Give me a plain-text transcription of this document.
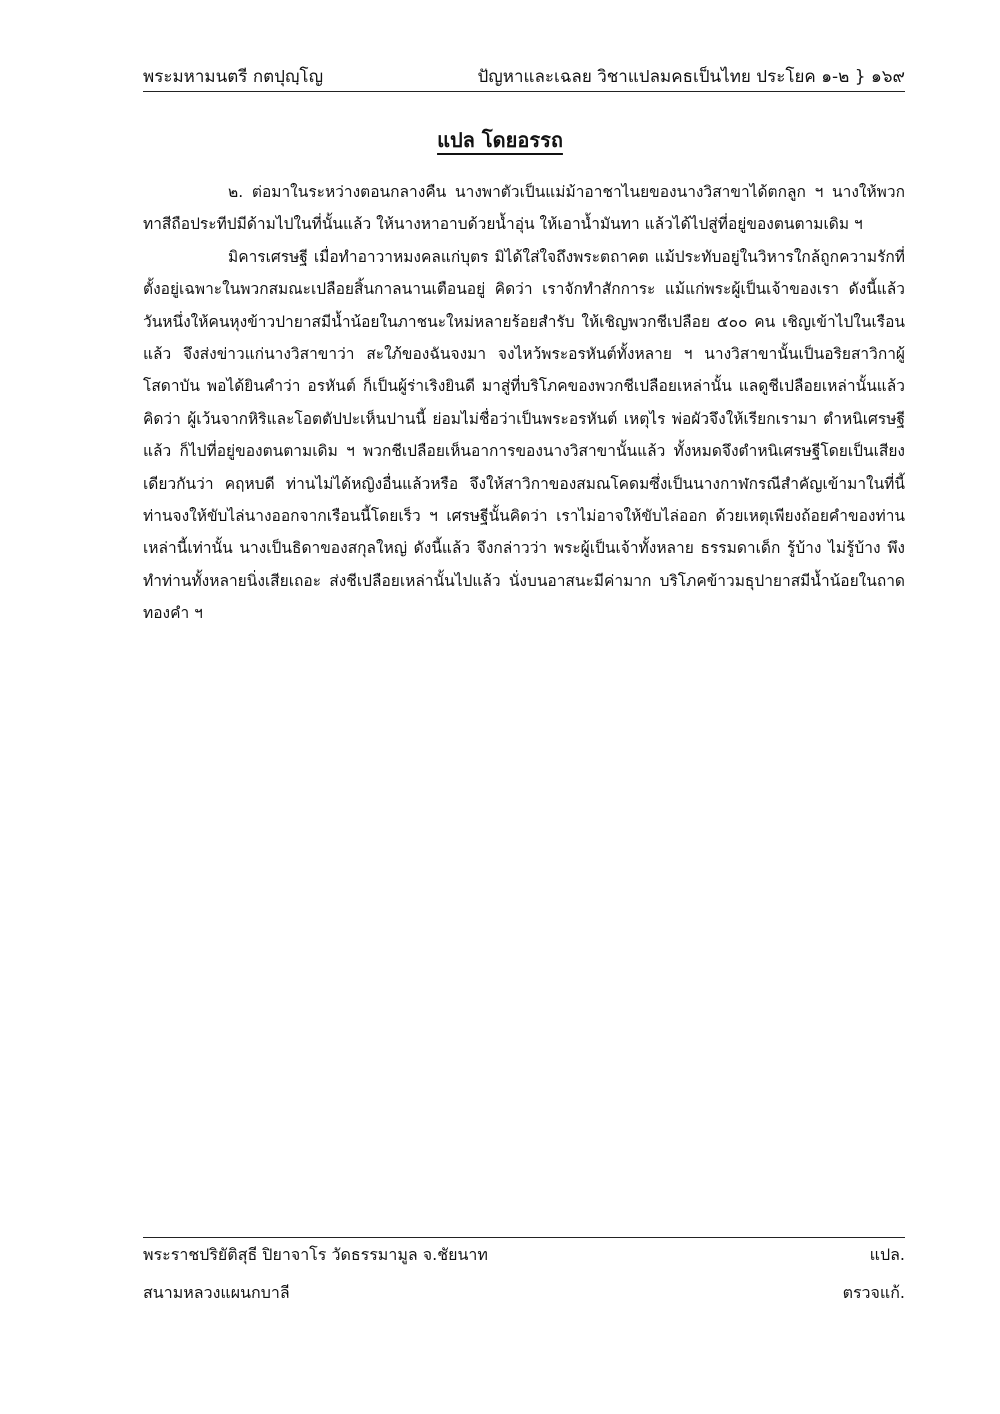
พระมหามนตรี กตปุญฺโญ	ปัญหาและเฉลย วิชาแปลมคธเป็นไทย ประโยค ๑-๒ } ๑๖๙
แปล โดยอรรถ

๒. ต่อมาในระหว่างตอนกลางคืน นางพาตัวเป็นแม่ม้าอาชาไนยของนางวิสาขาได้ตกลูก ฯ นางให้พวกทาสีถือประทีปมีด้ามไปในที่นั้นแล้ว ให้นางหาอาบด้วยน้ำอุ่น ให้เอาน้ำมันทา แล้วได้ไปสู่ที่อยู่ของตนตามเดิม ฯ

มิคารเศรษฐี เมื่อทำอาวาหมงคลแก่บุตร มิได้ใส่ใจถึงพระตถาคต แม้ประทับอยู่ในวิหารใกล้ถูกความรักที่ตั้งอยู่เฉพาะในพวกสมณะเปลือยสิ้นกาลนานเตือนอยู่ คิดว่า เราจักทำสักการะ แม้แก่พระผู้เป็นเจ้าของเรา ดังนี้แล้ว วันหนึ่งให้คนหุงข้าวปายาสมีน้ำน้อยในภาชนะใหม่หลายร้อยสำรับ ให้เชิญพวกชีเปลือย ๕๐๐ คน เชิญเข้าไปในเรือนแล้ว จึงส่งข่าวแก่นางวิสาขาว่า สะใภ้ของฉันจงมา จงไหว้พระอรหันต์ทั้งหลาย ฯ นางวิสาขานั้นเป็นอริยสาวิกาผู้โสดาบัน พอได้ยินคำว่า อรหันต์ ก็เป็นผู้ร่าเริงยินดี มาสู่ที่บริโภคของพวกชีเปลือยเหล่านั้น แลดูชีเปลือยเหล่านั้นแล้ว คิดว่า ผู้เว้นจากหิริและโอตตัปปะเห็นปานนี้ ย่อมไม่ชื่อว่าเป็นพระอรหันต์ เหตุไร พ่อผัวจึงให้เรียกเรามา ตำหนิเศรษฐีแล้ว ก็ไปที่อยู่ของตนตามเดิม ฯ พวกชีเปลือยเห็นอาการของนางวิสาขานั้นแล้ว ทั้งหมดจึงตำหนิเศรษฐีโดยเป็นเสียงเดียวกันว่า คฤหบดี ท่านไม่ได้หญิงอื่นแล้วหรือ จึงให้สาวิกาของสมณโคดมซึ่งเป็นนางกาฬกรณีสำคัญเข้ามาในที่นี้ ท่านจงให้ขับไล่นางออกจากเรือนนี้โดยเร็ว ฯ เศรษฐีนั้นคิดว่า เราไม่อาจให้ขับไล่ออก ด้วยเหตุเพียงถ้อยคำของท่านเหล่านี้เท่านั้น นางเป็นธิดาของสกุลใหญ่ ดังนี้แล้ว จึงกล่าวว่า พระผู้เป็นเจ้าทั้งหลาย ธรรมดาเด็ก รู้บ้าง ไม่รู้บ้าง พึงทำท่านทั้งหลายนิ่งเสียเถอะ ส่งชีเปลือยเหล่านั้นไปแล้ว นั่งบนอาสนะมีค่ามาก บริโภคข้าวมธุปายาสมีน้ำน้อยในถาดทองคำ ฯ

พระราชปริยัติสุธี ปิยาจาโร วัดธรรมามูล จ.ชัยนาท	แปล.
สนามหลวงแผนกบาลี	ตรวจแก้.
